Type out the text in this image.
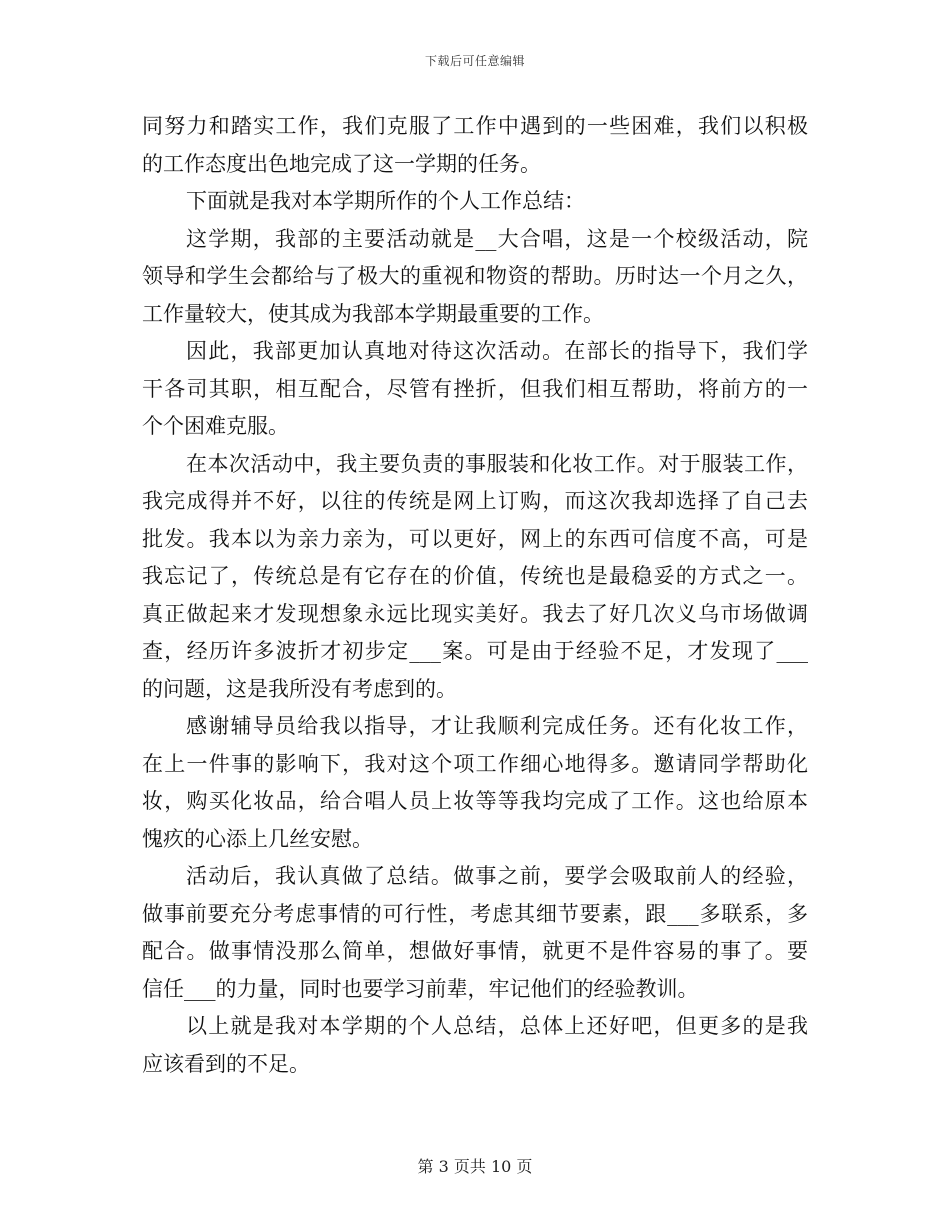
下载后可任意编辑
同努力和踏实工作，我们克服了工作中遇到的一些困难，我们以积极
的工作态度出色地完成了这一学期的任务。
下面就是我对本学期所作的个人工作总结：
这学期，我部的主要活动就是__大合唱，这是一个校级活动，院
领导和学生会都给与了极大的重视和物资的帮助。历时达一个月之久，
工作量较大，使其成为我部本学期最重要的工作。
因此，我部更加认真地对待这次活动。在部长的指导下，我们学
干各司其职，相互配合，尽管有挫折，但我们相互帮助，将前方的一
个个困难克服。
在本次活动中，我主要负责的事服装和化妆工作。对于服装工作，
我完成得并不好，以往的传统是网上订购，而这次我却选择了自己去
批发。我本以为亲力亲为，可以更好，网上的东西可信度不高，可是
我忘记了，传统总是有它存在的价值，传统也是最稳妥的方式之一。
真正做起来才发现想象永远比现实美好。我去了好几次义乌市场做调
查，经历许多波折才初步定___案。可是由于经验不足，才发现了___
的问题，这是我所没有考虑到的。
感谢辅导员给我以指导，才让我顺利完成任务。还有化妆工作，
在上一件事的影响下，我对这个项工作细心地得多。邀请同学帮助化
妆，购买化妆品，给合唱人员上妆等等我均完成了工作。这也给原本
愧疚的心添上几丝安慰。
活动后，我认真做了总结。做事之前，要学会吸取前人的经验，
做事前要充分考虑事情的可行性，考虑其细节要素，跟___多联系，多
配合。做事情没那么简单，想做好事情，就更不是件容易的事了。要
信任___的力量，同时也要学习前辈，牢记他们的经验教训。
以上就是我对本学期的个人总结，总体上还好吧，但更多的是我
应该看到的不足。
第 3 页共 10 页
